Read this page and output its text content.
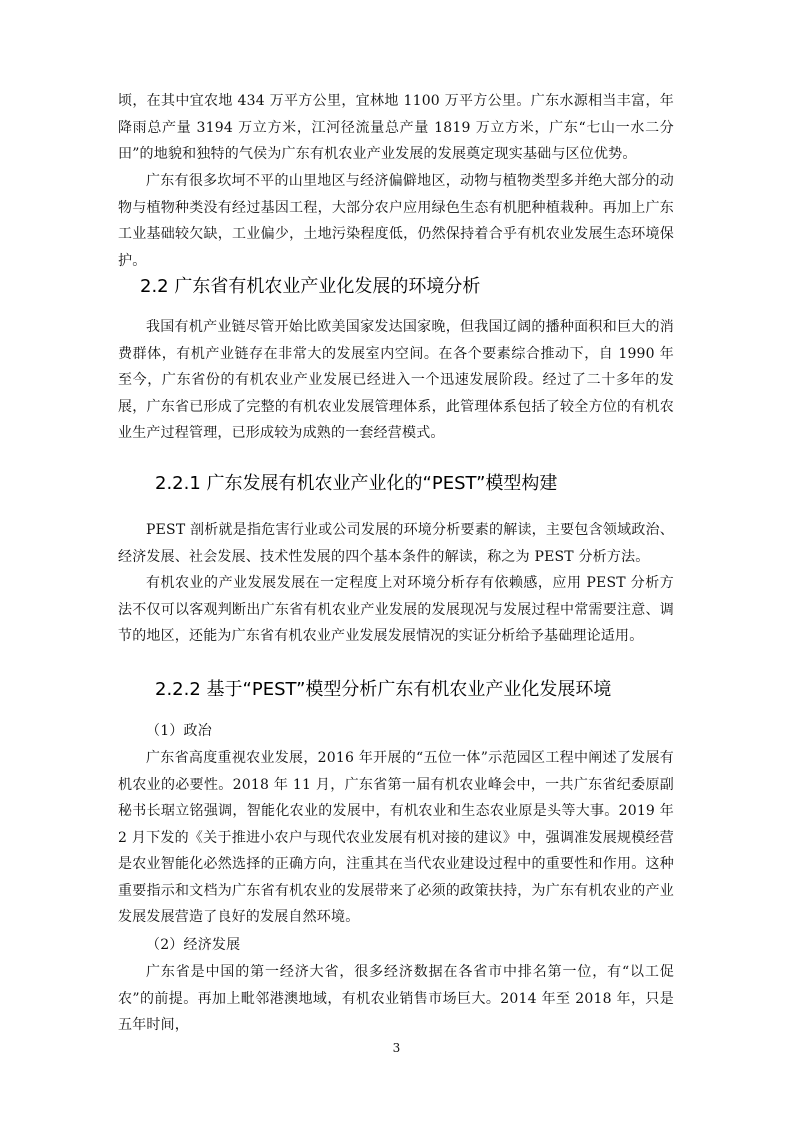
顷，在其中宜农地 434 万平方公里，宜林地 1100 万平方公里。广东水源相当丰富，年降雨总产量 3194 万立方米，江河径流量总产量 1819 万立方米，广东“七山一水二分田”的地貌和独特的气侯为广东有机农业产业发展的发展奠定现实基础与区位优势。

广东有很多坎坷不平的山里地区与经济偏僻地区，动物与植物类型多并绝大部分的动物与植物种类没有经过基因工程，大部分农户应用绿色生态有机肥种植栽种。再加上广东工业基础较欠缺，工业偏少，土地污染程度低，仍然保持着合乎有机农业发展生态环境保护。

2.2 广东省有机农业产业化发展的环境分析

我国有机产业链尽管开始比欧美国家发达国家晚，但我国辽阔的播种面积和巨大的消费群体，有机产业链存在非常大的发展室内空间。在各个要素综合推动下，自 1990 年至今，广东省份的有机农业产业发展已经进入一个迅速发展阶段。经过了二十多年的发展，广东省已形成了完整的有机农业发展管理体系，此管理体系包括了较全方位的有机农业生产过程管理，已形成较为成熟的一套经营模式。

2.2.1 广东发展有机农业产业化的“PEST”模型构建

PEST 剖析就是指危害行业或公司发展的环境分析要素的解读，主要包含领域政治、经济发展、社会发展、技术性发展的四个基本条件的解读，称之为 PEST 分析方法。

有机农业的产业发展发展在一定程度上对环境分析存有依赖感，应用 PEST 分析方法不仅可以客观判断出广东省有机农业产业发展的发展现况与发展过程中常需要注意、调节的地区，还能为广东省有机农业产业发展发展情况的实证分析给予基础理论适用。

2.2.2 基于“PEST”模型分析广东有机农业产业化发展环境

（1）政冶

广东省高度重视农业发展，2016 年开展的“五位一体”示范园区工程中阐述了发展有机农业的必要性。2018 年 11 月，广东省第一届有机农业峰会中，一共广东省纪委原副秘书长琚立铭强调，智能化农业的发展中，有机农业和生态农业原是头等大事。2019 年 2 月下发的《关于推进小农户与现代农业发展有机对接的建议》中，强调准发展规模经营是农业智能化必然选择的正确方向，注重其在当代农业建设过程中的重要性和作用。这种重要指示和文档为广东省有机农业的发展带来了必须的政策扶持，为广东有机农业的产业发展发展营造了良好的发展自然环境。

（2）经济发展

广东省是中国的第一经济大省，很多经济数据在各省市中排名第一位，有“以工促农”的前提。再加上毗邻港澳地域，有机农业销售市场巨大。2014 年至 2018 年，只是五年时间，

3
